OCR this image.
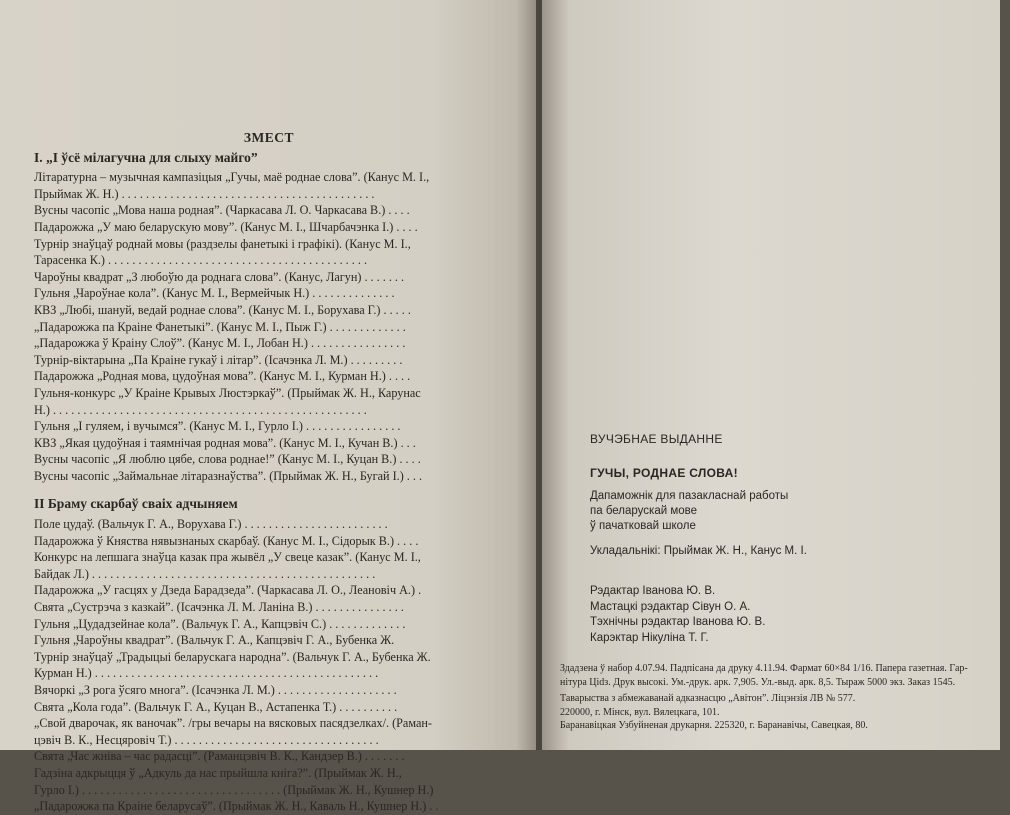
ЗМЕСТ
І. „І ўсё мілагучна для слыху майго”
Літаратурна – музычная кампазіцыя „Гучы, маё роднае слова”. (Канус М. І.,
Прыймак Ж. Н.) . . . . . . . . . . . . . . . . . . . . . . . . . . . . . . . . . . . . . . . . . .
Вусны часопіс „Мова наша родная”. (Чаркасава Л. О. Чаркасава В.) . . . .
Падарожжа „У маю беларускую мову”. (Канус М. І., Шчарбачэнка І.) . . . .
Турнір знаўцаў роднай мовы (раздзелы фанетыкі і графікі). (Канус М. І.,
Тарасенка К.) . . . . . . . . . . . . . . . . . . . . . . . . . . . . . . . . . . . . . . . . . . .
Чароўны квадрат „З любоўю да роднага слова”. (Канус, Лагун) . . . . . . .
Гульня „Чароўнае кола”. (Канус М. І., Вермейчык Н.) . . . . . . . . . . . . . .
КВЗ „Любі, шануй, ведай роднае слова”. (Канус М. І., Борухава Г.) . . . . .
„Падарожжа па Краіне Фанетыкі”. (Канус М. І., Пыж Г.) . . . . . . . . . . . . .
„Падарожжа ў Краіну Слоў”. (Канус М. І., Лобан Н.) . . . . . . . . . . . . . . . .
Турнір-віктарына „Па Краіне гукаў і літар”. (Ісачэнка Л. М.) . . . . . . . . .
Падарожжа „Родная мова, цудоўная мова”. (Канус М. І., Курман Н.) . . . .
Гульня-конкурс „У Краіне Крывых Люстэркаў”. (Прыймак Ж. Н., Карунас
Н.) . . . . . . . . . . . . . . . . . . . . . . . . . . . . . . . . . . . . . . . . . . . . . . . . . . . .
Гульня „І гуляем, і вучымся”. (Канус М. І., Гурло І.) . . . . . . . . . . . . . . . .
КВЗ „Якая цудоўная і таямнічая родная мова”. (Канус М. І., Кучан В.) . . .
Вусны часопіс „Я люблю цябе, слова роднае!” (Канус М. І., Куцан В.) . . . .
Вусны часопіс „Займальнае літаразнаўства”. (Прыймак Ж. Н., Бугай І.) . . .
ІІ Браму скарбаў сваіх адчыняем
Поле цудаў. (Вальчук Г. А., Ворухава Г.) . . . . . . . . . . . . . . . . . . . . . . . .
Падарожжа ў Княства нявызнаных скарбаў. (Канус М. І., Сідорык В.) . . . .
Конкурс на лепшага знаўца казак пра жывёл „У свеце казак”. (Канус М. І.,
Байдак Л.) . . . . . . . . . . . . . . . . . . . . . . . . . . . . . . . . . . . . . . . . . . . . . . .
Падарожжа „У гасцях у Дзеда Барадзеда”. (Чаркасава Л. О., Леановіч А.) .
Свята „Сустрэча з казкай”. (Ісачэнка Л. М. Ланіна В.) . . . . . . . . . . . . . . .
Гульня „Цудадзейнае кола”. (Вальчук Г. А., Капцэвіч С.) . . . . . . . . . . . . .
Гульня „Чароўны квадрат”. (Вальчук Г. А., Капцэвіч Г. А., Бубенка Ж.
Турнір знаўцаў „Традыцыі беларускага народна”. (Вальчук Г. А., Бубенка Ж.
Курман Н.) . . . . . . . . . . . . . . . . . . . . . . . . . . . . . . . . . . . . . . . . . . . . . . .
Вячоркі „З рога ўсяго многа”. (Ісачэнка Л. М.) . . . . . . . . . . . . . . . . . . . .
Свята „Кола года”. (Вальчук Г. А., Куцан В., Астапенка Т.) . . . . . . . . . .
„Свой дварочак, як ваночак”. /гры вечары на вясковых пасядзелках/. (Раман-
цэвіч В. К., Несцяровіч Т.) . . . . . . . . . . . . . . . . . . . . . . . . . . . . . . . . . .
Свята „Час жніва – час радасці”. (Раманцэвіч В. К., Кандзер В.) . . . . . . .
Гадзіна адкрыцця ў „Адкуль да нас прыйшла кніга?”. (Прыймак Ж. Н.,
Гурло І.) . . . . . . . . . . . . . . . . . . . . . . . . . . . . . . . . . (Прыймак Ж. Н., Кушнер Н.)
„Падарожжа па Краіне беларусаў”. (Прыймак Ж. Н., Каваль Н., Кушнер Н.) . .
ВУЧЭБНАЕ ВЫДАННЕ
ГУЧЫ, РОДНАЕ СЛОВА!
Дапаможнік для пазакласнай работы
па беларускай мове
ў пачатковай школе
Укладальнікі: Прыймак Ж. Н., Канус М. І.
Рэдактар Іванова Ю. В.
Мастацкі рэдактар Сівун О. А.
Тэхнічны рэдактар Іванова Ю. В.
Карэктар Нікуліна Т. Г.
Здадзена ў набор 4.07.94. Падпісана да друку 4.11.94. Фармат 60×84 1/16. Папера газетная. Гар-
нітура Ціdз. Друк высокі. Ум.-друк. арк. 7,905. Ул.-выд. арк. 8,5. Тыраж 5000 экз. Заказ 1545.
Таварыства з абмежаванай адказнасцю „Авітон”. Ліцэнзія ЛВ № 577.
220000, г. Мінск, вул. Вялецкага, 101.
Баранавіцкая Узбуйненая друкарня. 225320, г. Баранавічы, Савецкая, 80.
